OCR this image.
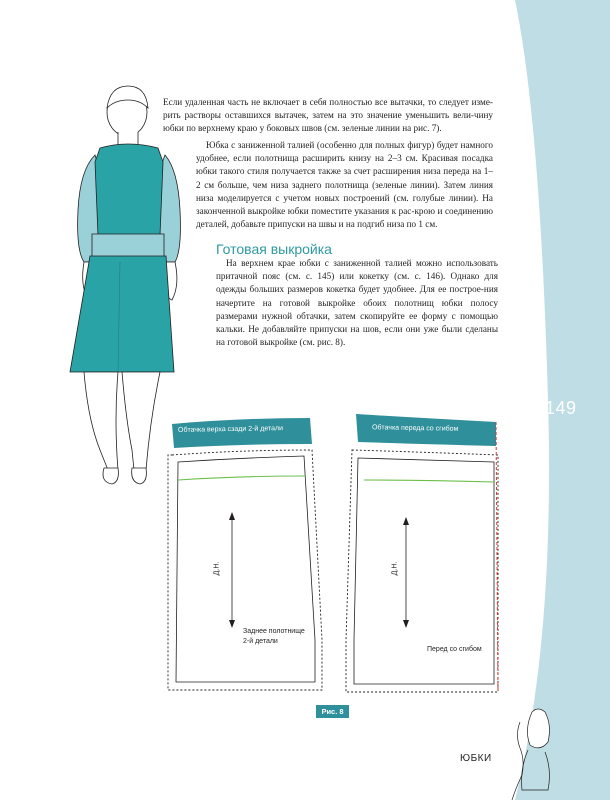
Если удаленная часть не включает в себя полностью все вытачки, то следует изме-рить растворы оставшихся вытачек, затем на это значение уменьшить вели-чину юбки по верхнему краю у боковых швов (см. зеленые линии на рис. 7).

Юбка с заниженной талией (особенно для полных фигур) будет намного удобнее, если полотнища расширить книзу на 2–3 см. Красивая посадка юбки такого стиля получается также за счет расширения низа переда на 1–2 см больше, чем низа заднего полотнища (зеленые линии). Затем линия низа моделируется с учетом новых построений (см. голубые линии). На законченной выкройке юбки поместите указания к рас-крою и соединению деталей, добавьте припуски на швы и на подгиб низа по 1 см.

Готовая выкройка

На верхнем крае юбки с заниженной талией можно использовать притачной пояс (см. с. 145) или кокетку (см. с. 146). Однако для одежды больших размеров кокетка будет удобнее. Для ее построе-ния начертите на готовой выкройке обоих полотнищ юбки полосу размерами нужной обтачки, затем скопируйте ее форму с помощью кальки. Не добавляйте припуски на шов, если они уже были сделаны на готовой выкройке (см. рис. 8).

149
ЮБКИ
Обтачка верха сзади 2-й детали	Обтачка переда со сгибом
Д.Н.	Д.Н.
Заднее полотнище
2-й детали
Перед со сгибом
Рис. 8
